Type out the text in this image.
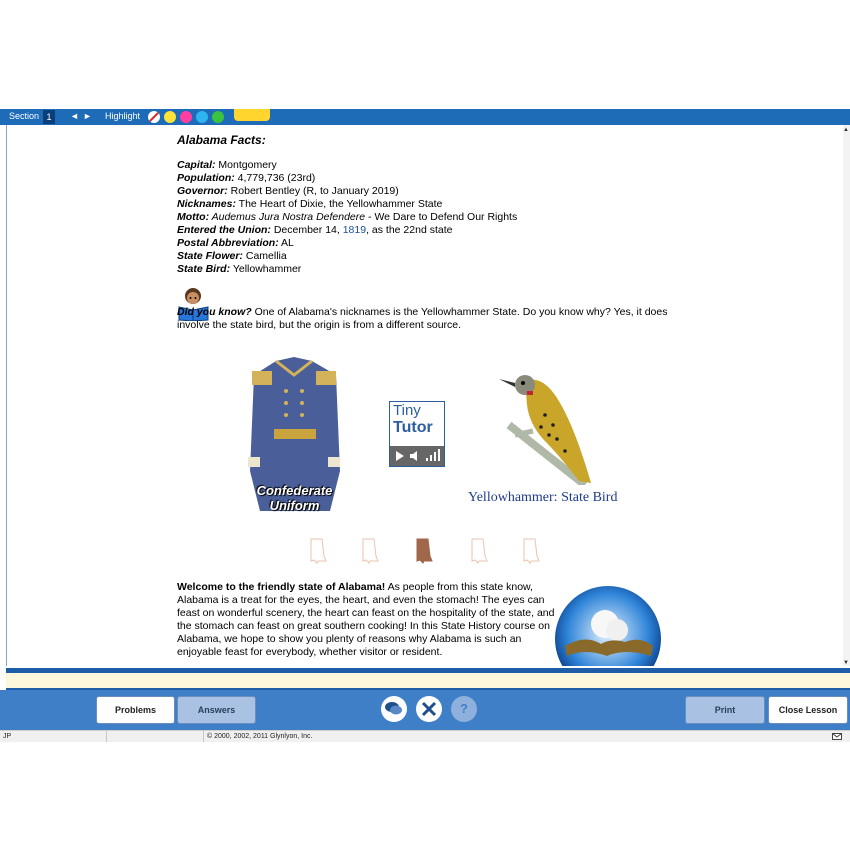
Section 1	◄ ► Highlight
Alabama Facts:
Capital: Montgomery
Population: 4,779,736 (23rd)
Governor: Robert Bentley (R, to January 2019)
Nicknames: The Heart of Dixie, the Yellowhammer State
Motto: Audemus Jura Nostra Defendere - We Dare to Defend Our Rights
Entered the Union: December 14, 1819, as the 22nd state
Postal Abbreviation: AL
State Flower: Camellia
State Bird: Yellowhammer
Did you know? One of Alabama's nicknames is the Yellowhammer State. Do you know why? Yes, it does involve the state bird, but the origin is from a different source.
Confederate
Uniform
Tiny
Tutor
Yellowhammer: State Bird
Welcome to the friendly state of Alabama! As people from this state know, Alabama is a treat for the eyes, the heart, and even the stomach! The eyes can feast on wonderful scenery, the heart can feast on the hospitality of the state, and the stomach can feast on great southern cooking! In this State History course on Alabama, we hope to show you plenty of reasons why Alabama is such an enjoyable feast for everybody, whether visitor or resident.
▲
▼
Problems	Answers	?	Print	Close Lesson
JP	© 2000, 2002, 2011 Glynlyon, Inc.
